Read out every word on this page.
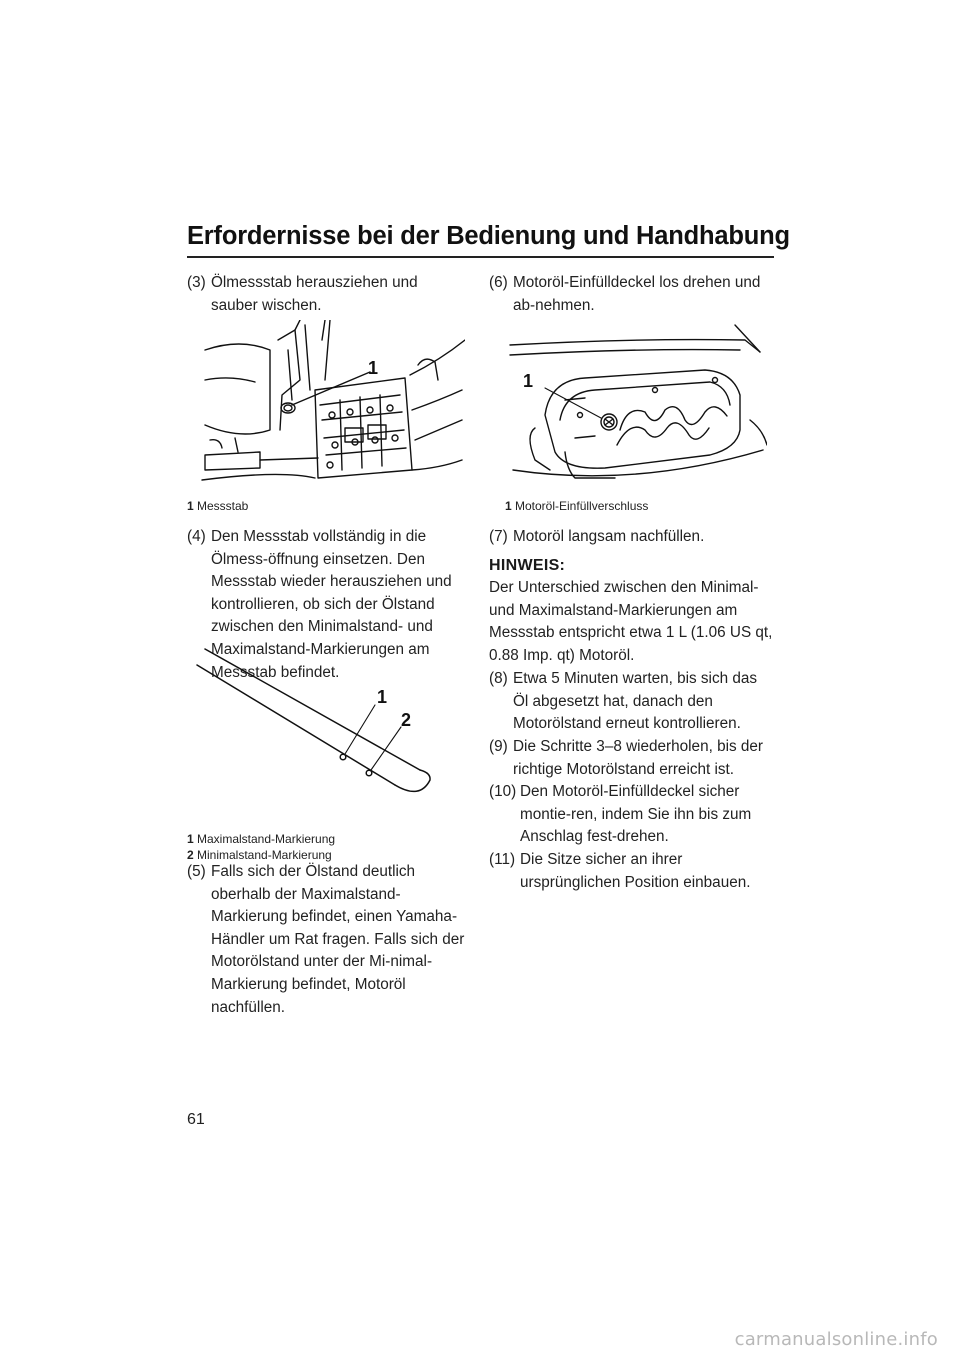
Erfordernisse bei der Bedienung und Handhabung
61
(3) Ölmessstab herausziehen und sauber wischen.
1
1 Messstab
(4) Den Messstab vollständig in die Ölmess-öffnung einsetzen. Den Messstab wieder herausziehen und kontrollieren, ob sich der Ölstand zwischen den Minimalstand- und Maximalstand-Markierungen am Messstab befindet.
1
2
1 Maximalstand-Markierung
2 Minimalstand-Markierung
(5) Falls sich der Ölstand deutlich oberhalb der Maximalstand-Markierung befindet, einen Yamaha-Händler um Rat fragen. Falls sich der Motorölstand unter der Mi-nimal-Markierung befindet, Motoröl nachfüllen.
(6) Motoröl-Einfülldeckel los drehen und ab-nehmen.
1
1 Motoröl-Einfüllverschluss
(7) Motoröl langsam nachfüllen.
HINWEIS:
Der Unterschied zwischen den Minimal- und Maximalstand-Markierungen am Messstab entspricht etwa 1 L (1.06 US qt, 0.88 Imp. qt) Motoröl.
(8) Etwa 5 Minuten warten, bis sich das Öl abgesetzt hat, danach den Motorölstand erneut kontrollieren.
(9) Die Schritte 3–8 wiederholen, bis der richtige Motorölstand erreicht ist.
(10) Den Motoröl-Einfülldeckel sicher montie-ren, indem Sie ihn bis zum Anschlag fest-drehen.
(11) Die Sitze sicher an ihrer ursprünglichen Position einbauen.
carmanualsonline.info
